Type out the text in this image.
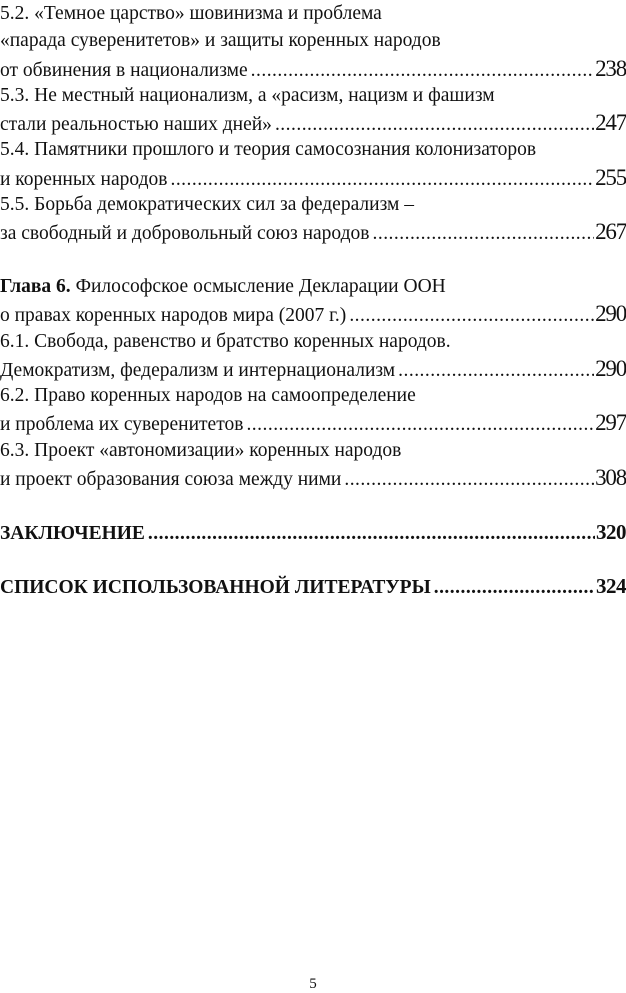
5.2. «Темное царство» шовинизма и проблема
«парада суверенитетов» и защиты коренных народов
от обвинения в национализме . . .	238
5.3. Не местный национализм, а «расизм, нацизм и фашизм
стали реальностью наших дней» . . .	247
5.4. Памятники прошлого и теория самосознания колонизаторов
и коренных народов . . .	255
5.5. Борьба демократических сил за федерализм –
за свободный и добровольный союз народов . . .	267
Глава 6. Философское осмысление Декларации ООН
о правах коренных народов мира (2007 г.) . . .	290
6.1. Свобода, равенство и братство коренных народов.
Демократизм, федерализм и интернационализм . . .	290
6.2. Право коренных народов на самоопределение
и проблема их суверенитетов . . .	297
6.3. Проект «автономизации» коренных народов
и проект образования союза между ними . . .	308
ЗАКЛЮЧЕНИЕ . . .	320
СПИСОК ИСПОЛЬЗОВАННОЙ ЛИТЕРАТУРЫ . . .	324
5
